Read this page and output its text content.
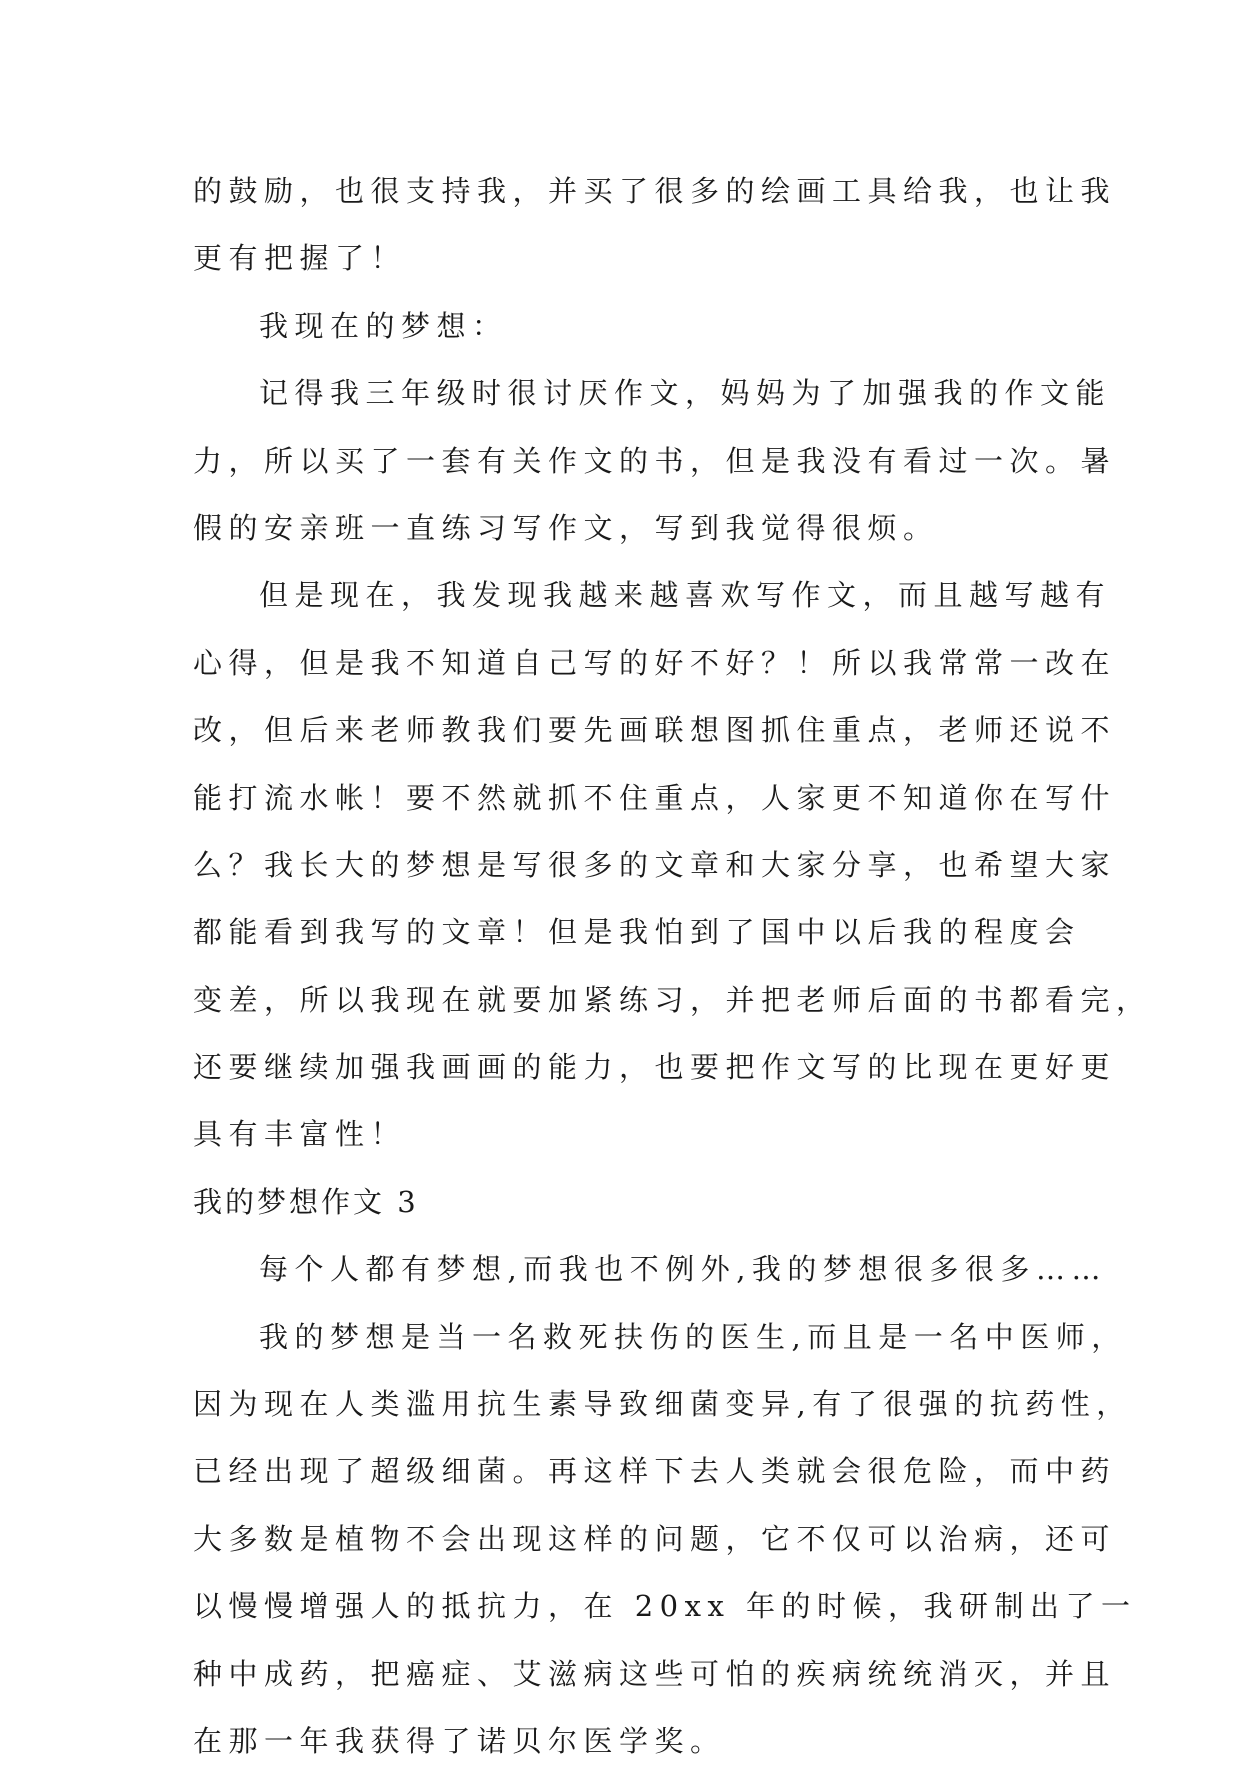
的鼓励，也很支持我，并买了很多的绘画工具给我，也让我
更有把握了！
我现在的梦想：
记得我三年级时很讨厌作文，妈妈为了加强我的作文能
力，所以买了一套有关作文的书，但是我没有看过一次。暑
假的安亲班一直练习写作文，写到我觉得很烦。
但是现在，我发现我越来越喜欢写作文，而且越写越有
心得，但是我不知道自己写的好不好？！所以我常常一改在
改，但后来老师教我们要先画联想图抓住重点，老师还说不
能打流水帐！要不然就抓不住重点，人家更不知道你在写什
么？我长大的梦想是写很多的文章和大家分享，也希望大家
都能看到我写的文章！但是我怕到了国中以后我的程度会
变差，所以我现在就要加紧练习，并把老师后面的书都看完，
还要继续加强我画画的能力，也要把作文写的比现在更好更
具有丰富性！
我的梦想作文 3
每个人都有梦想,而我也不例外,我的梦想很多很多……
我的梦想是当一名救死扶伤的医生,而且是一名中医师，
因为现在人类滥用抗生素导致细菌变异,有了很强的抗药性，
已经出现了超级细菌。再这样下去人类就会很危险，而中药
大多数是植物不会出现这样的问题，它不仅可以治病，还可
以慢慢增强人的抵抗力，在 20xx 年的时候，我研制出了一
种中成药，把癌症、艾滋病这些可怕的疾病统统消灭，并且
在那一年我获得了诺贝尔医学奖。
